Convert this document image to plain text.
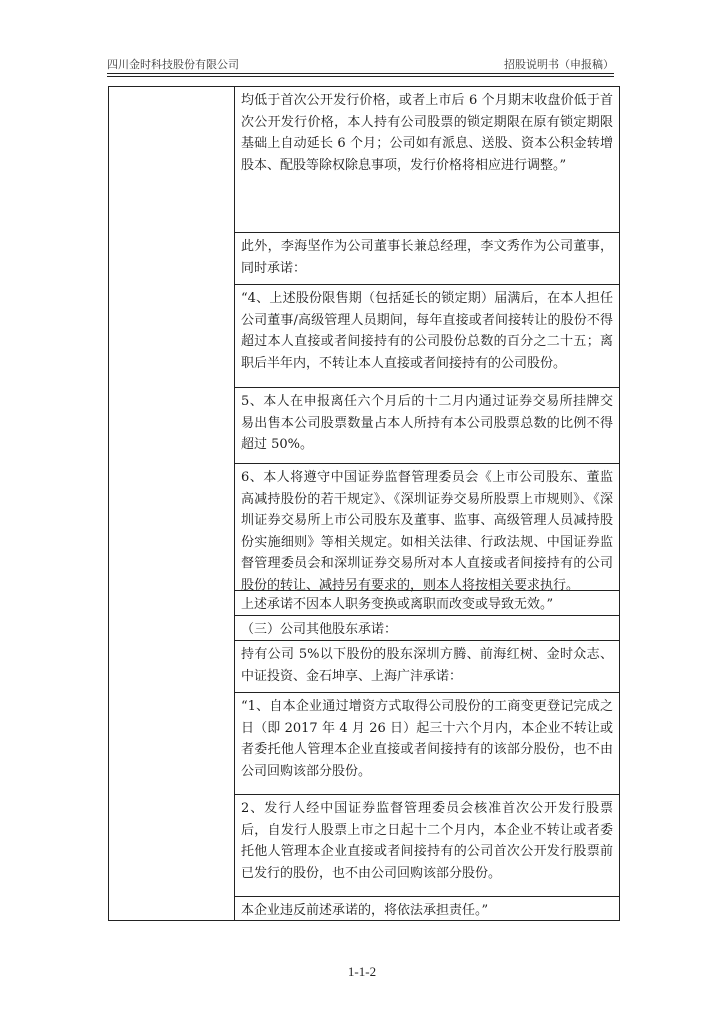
四川金时科技股份有限公司	招股说明书（申报稿）
均低于首次公开发行价格，或者上市后 6 个月期末收盘价低于首次公开发行价格，本人持有公司股票的锁定期限在原有锁定期限基础上自动延长 6 个月；公司如有派息、送股、资本公积金转增股本、配股等除权除息事项，发行价格将相应进行调整。”
此外，李海坚作为公司董事长兼总经理，李文秀作为公司董事，同时承诺：
“4、上述股份限售期（包括延长的锁定期）届满后，在本人担任公司董事/高级管理人员期间，每年直接或者间接转让的股份不得超过本人直接或者间接持有的公司股份总数的百分之二十五；离职后半年内，不转让本人直接或者间接持有的公司股份。
5、本人在申报离任六个月后的十二月内通过证券交易所挂牌交易出售本公司股票数量占本人所持有本公司股票总数的比例不得超过 50%。
6、本人将遵守中国证券监督管理委员会《上市公司股东、董监高减持股份的若干规定》、《深圳证券交易所股票上市规则》、《深圳证券交易所上市公司股东及董事、监事、高级管理人员减持股份实施细则》等相关规定。如相关法律、行政法规、中国证券监督管理委员会和深圳证券交易所对本人直接或者间接持有的公司股份的转让、减持另有要求的，则本人将按相关要求执行。
上述承诺不因本人职务变换或离职而改变或导致无效。”
（三）公司其他股东承诺：
持有公司 5%以下股份的股东深圳方腾、前海红树、金时众志、中证投资、金石坤享、上海广沣承诺：
“1、自本企业通过增资方式取得公司股份的工商变更登记完成之日（即 2017 年 4 月 26 日）起三十六个月内，本企业不转让或者委托他人管理本企业直接或者间接持有的该部分股份，也不由公司回购该部分股份。
2、发行人经中国证券监督管理委员会核准首次公开发行股票后，自发行人股票上市之日起十二个月内，本企业不转让或者委托他人管理本企业直接或者间接持有的公司首次公开发行股票前已发行的股份，也不由公司回购该部分股份。
本企业违反前述承诺的，将依法承担责任。”
1-1-2
